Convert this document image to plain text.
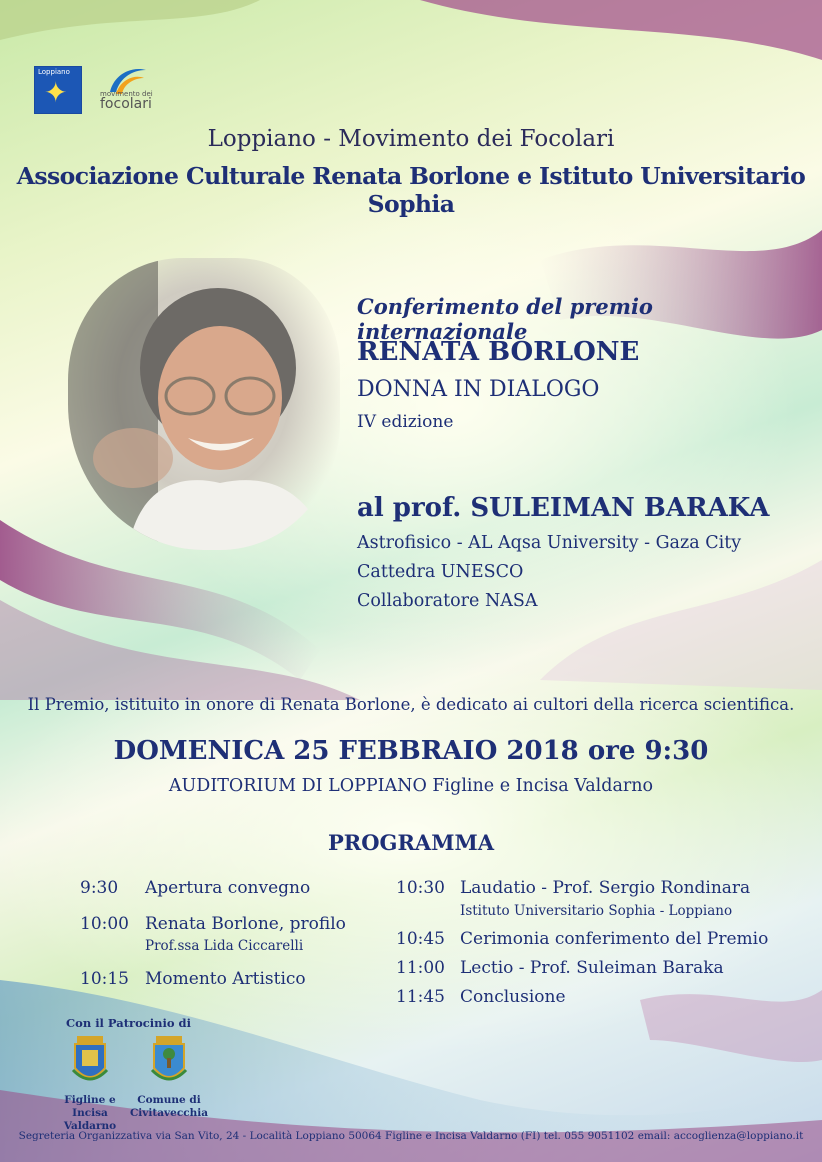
Loppiano
✦	movimento dei
focolari
Loppiano - Movimento dei Focolari
Associazione Culturale Renata Borlone e Istituto Universitario Sophia
Conferimento del premio internazionale
RENATA BORLONE
DONNA IN DIALOGO
IV edizione
al prof. SULEIMAN BARAKA
Astrofisico - AL Aqsa University - Gaza City
Cattedra UNESCO
Collaboratore NASA
Il Premio, istituito in onore di Renata Borlone, è dedicato ai cultori della ricerca scientifica.
DOMENICA 25 FEBBRAIO 2018 ore 9:30
AUDITORIUM DI LOPPIANO Figline e Incisa Valdarno
PROGRAMMA
9:30 Apertura convegno
10:00 Renata Borlone, profilo
Prof.ssa Lida Ciccarelli
10:15 Momento Artistico
10:30 Laudatio - Prof. Sergio Rondinara
Istituto Universitario Sophia - Loppiano
10:45 Cerimonia conferimento del Premio
11:00 Lectio - Prof. Suleiman Baraka
11:45 Conclusione
Con il Patrocinio di
Figline e Incisa
Valdarno
Comune di
Civitavecchia
Segreteria Organizzativa via San Vito, 24 - Località Loppiano 50064 Figline e Incisa Valdarno (FI) tel. 055 9051102 email: accoglienza@loppiano.it
